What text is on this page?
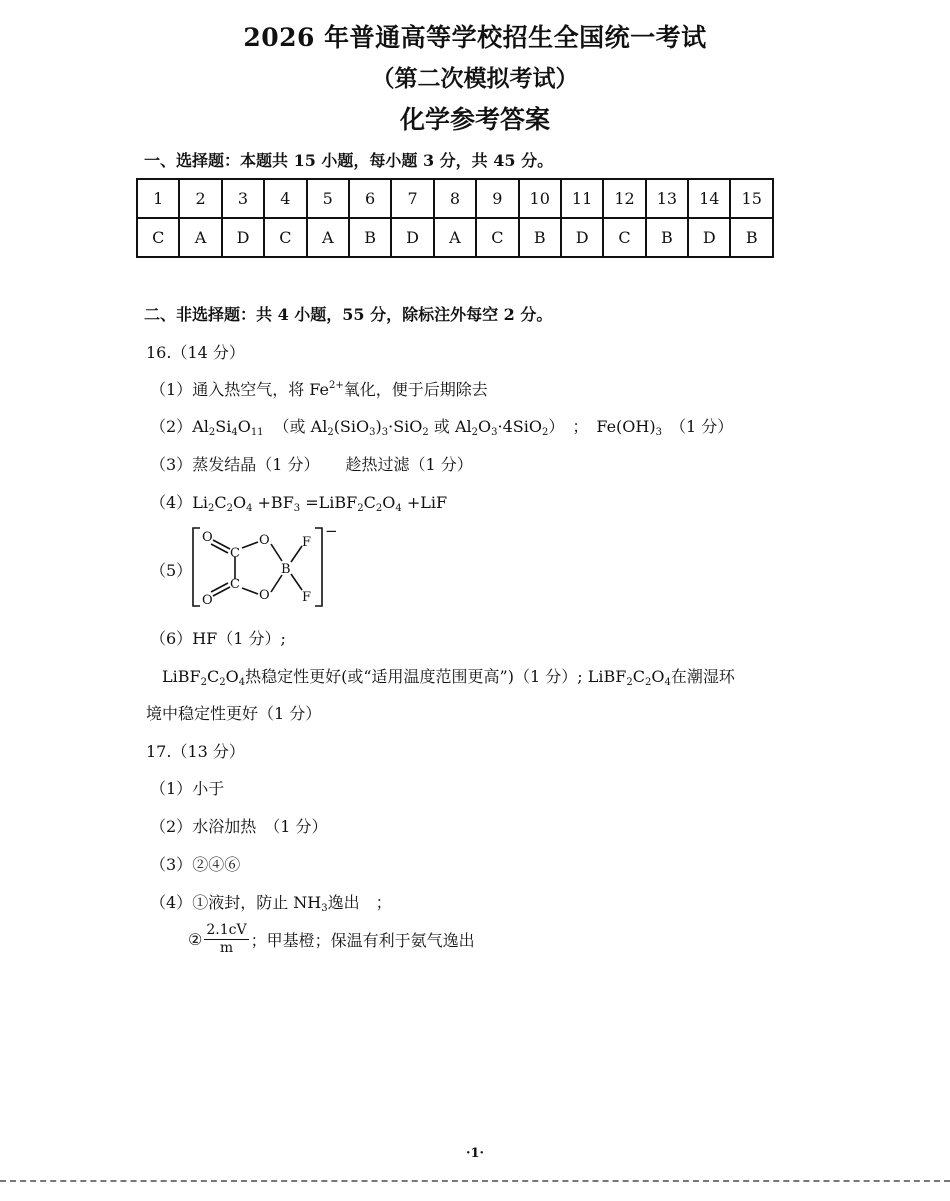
2026 年普通高等学校招生全国统一考试
（第二次模拟考试）
化学参考答案
一、选择题：本题共 15 小题，每小题 3 分，共 45 分。
1	2	3	4	5	6	7	8	9	10	11	12	13	14	15
C	A	D	C	A	B	D	A	C	B	D	C	B	D	B
二、非选择题：共 4 小题，55 分，除标注外每空 2 分。
16.（14 分）
（1）通入热空气，将 $Fe^{2+}$氧化，便于后期除去
$(2)Al_2Si_4O_{11}$ （或 $Al_2(SiO_3)_3\cdot SiO_2$ 或 $Al_2O_3\cdot 4SiO_2$）　；　$Fe(OH)_3$ （1 分）
（3）蒸发结晶（1 分） 趁热过滤（1 分）
$(4)Li_2C_2O_4 +BF_3$ $=LiBF_2C_2O_4 +LiF$
（5）
O
C
O
B
F
C
O F
O
−
（6）HF（1 分）;
$LiBF_2C_2O_4$热稳定性更好(或“适用温度范围更高”)（1 分）; $LiBF_2C_2O_4$在潮湿环
境中稳定性更好（1 分）
17.（13 分）
（1）小于
（2）水浴加热　（1 分）
（3）②④⑥
（4）①液封，防止 $NH_3$逸出　；
② $\frac{2.1cV}{m}$ ；甲基橙；保温有利于氨气逸出
·1·
